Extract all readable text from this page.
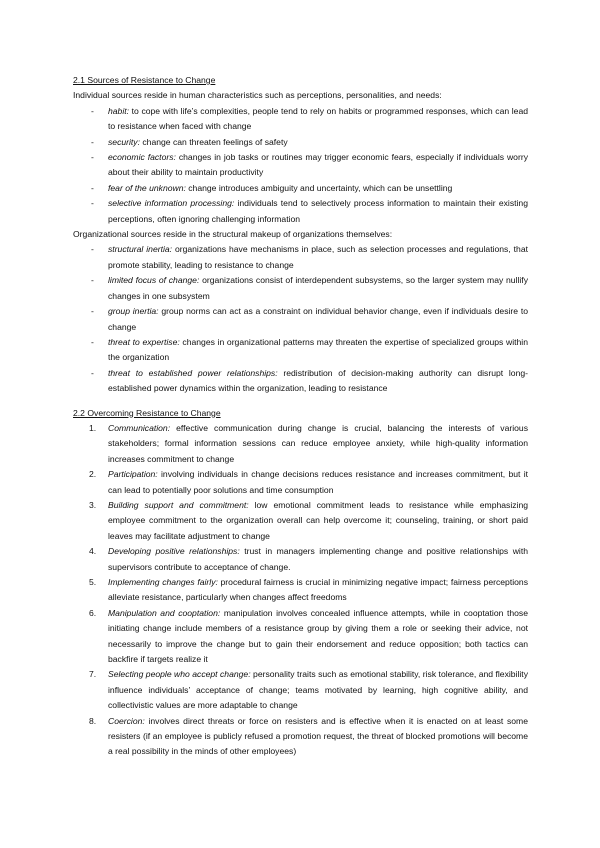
2.1 Sources of Resistance to Change

Individual sources reside in human characteristics such as perceptions, personalities, and needs:

- habit: to cope with life’s complexities, people tend to rely on habits or programmed responses, which can lead to resistance when faced with change
- security: change can threaten feelings of safety
- economic factors: changes in job tasks or routines may trigger economic fears, especially if individuals worry about their ability to maintain productivity
- fear of the unknown: change introduces ambiguity and uncertainty, which can be unsettling
- selective information processing: individuals tend to selectively process information to maintain their existing perceptions, often ignoring challenging information

Organizational sources reside in the structural makeup of organizations themselves:

- structural inertia: organizations have mechanisms in place, such as selection processes and regulations, that promote stability, leading to resistance to change
- limited focus of change: organizations consist of interdependent subsystems, so the larger system may nullify changes in one subsystem
- group inertia: group norms can act as a constraint on individual behavior change, even if individuals desire to change
- threat to expertise: changes in organizational patterns may threaten the expertise of specialized groups within the organization
- threat to established power relationships: redistribution of decision-making authority can disrupt long-established power dynamics within the organization, leading to resistance

2.2 Overcoming Resistance to Change

1. Communication: effective communication during change is crucial, balancing the interests of various stakeholders; formal information sessions can reduce employee anxiety, while high-quality information increases commitment to change
2. Participation: involving individuals in change decisions reduces resistance and increases commitment, but it can lead to potentially poor solutions and time consumption
3. Building support and commitment: low emotional commitment leads to resistance while emphasizing employee commitment to the organization overall can help overcome it; counseling, training, or short paid leaves may facilitate adjustment to change
4. Developing positive relationships: trust in managers implementing change and positive relationships with supervisors contribute to acceptance of change.
5. Implementing changes fairly: procedural fairness is crucial in minimizing negative impact; fairness perceptions alleviate resistance, particularly when changes affect freedoms
6. Manipulation and cooptation: manipulation involves concealed influence attempts, while in cooptation those initiating change include members of a resistance group by giving them a role or seeking their advice, not necessarily to improve the change but to gain their endorsement and reduce opposition; both tactics can backfire if targets realize it
7. Selecting people who accept change: personality traits such as emotional stability, risk tolerance, and flexibility influence individuals’ acceptance of change; teams motivated by learning, high cognitive ability, and collectivistic values are more adaptable to change
8. Coercion: involves direct threats or force on resisters and is effective when it is enacted on at least some resisters (if an employee is publicly refused a promotion request, the threat of blocked promotions will become a real possibility in the minds of other employees)
